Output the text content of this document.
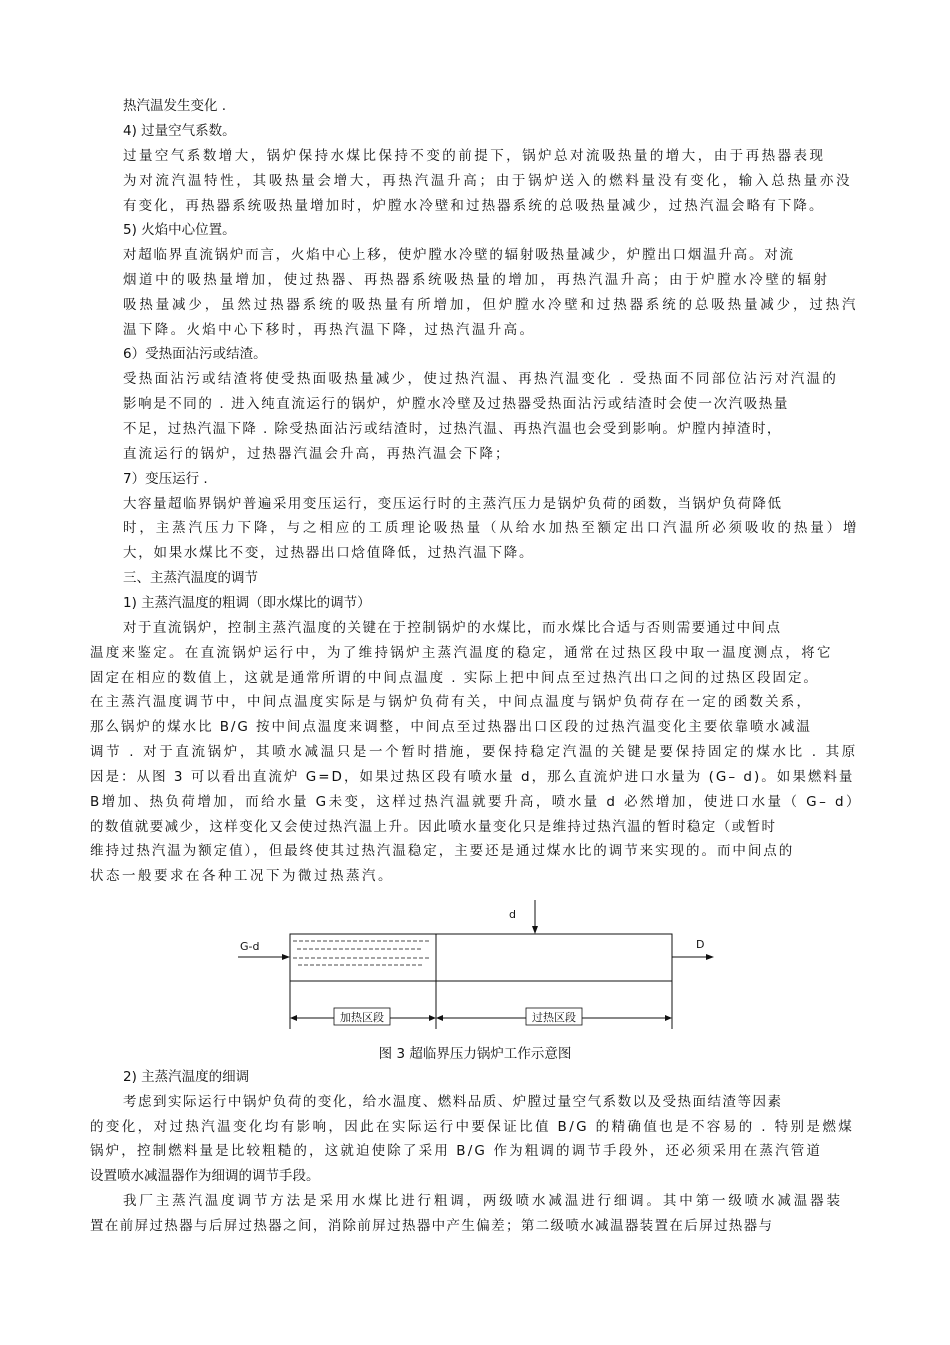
热汽温发生变化 .
4) 过量空气系数。
过量空气系数增大，锅炉保持水煤比保持不变的前提下，锅炉总对流吸热量的增大，由于再热器表现
为对流汽温特性，其吸热量会增大，再热汽温升高；由于锅炉送入的燃料量没有变化，输入总热量亦没
有变化，再热器系统吸热量增加时，炉膛水冷壁和过热器系统的总吸热量减少，过热汽温会略有下降。
5) 火焰中心位置。
对超临界直流锅炉而言，火焰中心上移，使炉膛水冷壁的辐射吸热量减少，炉膛出口烟温升高。对流
烟道中的吸热量增加，使过热器、再热器系统吸热量的增加，再热汽温升高；由于炉膛水冷壁的辐射
吸热量减少，虽然过热器系统的吸热量有所增加，但炉膛水冷壁和过热器系统的总吸热量减少，过热汽
温下降。火焰中心下移时，再热汽温下降，过热汽温升高。
6）受热面沾污或结渣。
受热面沾污或结渣将使受热面吸热量减少，使过热汽温、再热汽温变化 . 受热面不同部位沾污对汽温的
影响是不同的 . 进入纯直流运行的锅炉，炉膛水冷壁及过热器受热面沾污或结渣时会使一次汽吸热量
不足，过热汽温下降 . 除受热面沾污或结渣时，过热汽温、再热汽温也会受到影响。炉膛内掉渣时，
直流运行的锅炉，过热器汽温会升高，再热汽温会下降；
7）变压运行 .
大容量超临界锅炉普遍采用变压运行，变压运行时的主蒸汽压力是锅炉负荷的函数，当锅炉负荷降低
时，主蒸汽压力下降，与之相应的工质理论吸热量（从给水加热至额定出口汽温所必须吸收的热量）增
大，如果水煤比不变，过热器出口焓值降低，过热汽温下降。
三、主蒸汽温度的调节
1) 主蒸汽温度的粗调（即水煤比的调节）
对于直流锅炉，控制主蒸汽温度的关键在于控制锅炉的水煤比，而水煤比合适与否则需要通过中间点
温度来鉴定。在直流锅炉运行中，为了维持锅炉主蒸汽温度的稳定，通常在过热区段中取一温度测点，将它
固定在相应的数值上，这就是通常所谓的中间点温度 . 实际上把中间点至过热汽出口之间的过热区段固定。
在主蒸汽温度调节中，中间点温度实际是与锅炉负荷有关，中间点温度与锅炉负荷存在一定的函数关系，
那么锅炉的煤水比 B/G 按中间点温度来调整，中间点至过热器出口区段的过热汽温变化主要依靠喷水减温
调节 . 对于直流锅炉，其喷水减温只是一个暂时措施，要保持稳定汽温的关键是要保持固定的煤水比 . 其原
因是：从图 3 可以看出直流炉 G=D，如果过热区段有喷水量 d，那么直流炉进口水量为 (G– d)。如果燃料量
B增加、热负荷增加，而给水量 G未变，这样过热汽温就要升高，喷水量 d 必然增加，使进口水量（ G– d）
的数值就要减少，这样变化又会使过热汽温上升。因此喷水量变化只是维持过热汽温的暂时稳定（或暂时
维持过热汽温为额定值），但最终使其过热汽温稳定，主要还是通过煤水比的调节来实现的。而中间点的
状态一般要求在各种工况下为微过热蒸汽。
G-d
d
D
加热区段	过热区段
图 3 超临界压力锅炉工作示意图
2) 主蒸汽温度的细调
考虑到实际运行中锅炉负荷的变化，给水温度、燃料品质、炉膛过量空气系数以及受热面结渣等因素
的变化，对过热汽温变化均有影响，因此在实际运行中要保证比值 B/G 的精确值也是不容易的 . 特别是燃煤
锅炉，控制燃料量是比较粗糙的，这就迫使除了采用 B/G 作为粗调的调节手段外，还必须采用在蒸汽管道
设置喷水减温器作为细调的调节手段。
我厂主蒸汽温度调节方法是采用水煤比进行粗调，两级喷水减温进行细调。其中第一级喷水减温器装
置在前屏过热器与后屏过热器之间，消除前屏过热器中产生偏差；第二级喷水减温器装置在后屏过热器与
